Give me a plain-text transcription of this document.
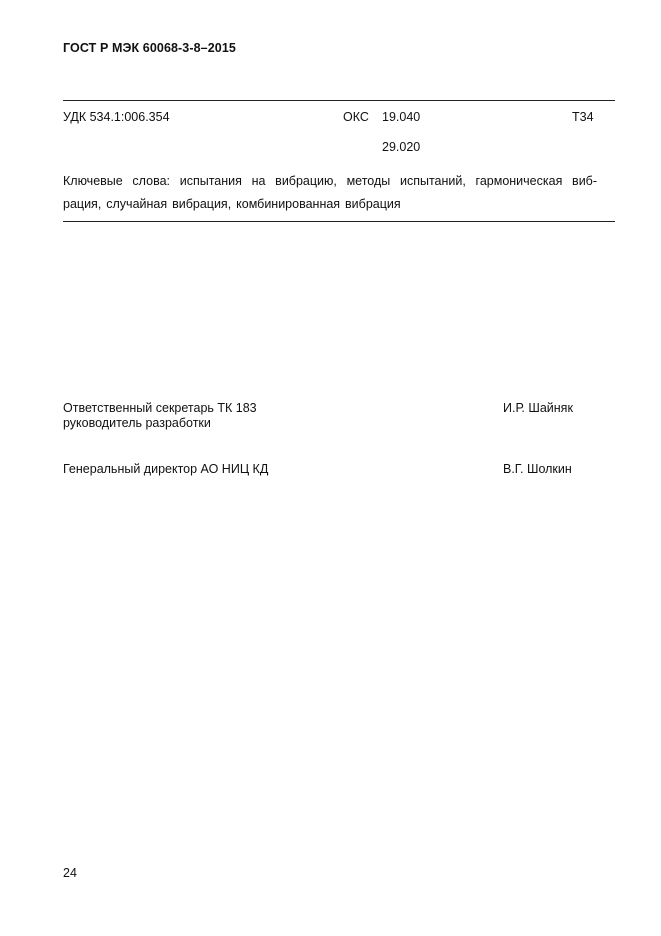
ГОСТ Р МЭК 60068-3-8–2015
УДК 534.1:006.354	ОКС 19.040
29.020
Т34
Ключевые слова: испытания на вибрацию, методы испытаний, гармоническая виб-
рация, случайная вибрация, комбинированная вибрация
Ответственный секретарь ТК 183
руководитель разработки
И.Р. Шайняк
Генеральный директор АО НИЦ КД	В.Г. Шолкин
24
